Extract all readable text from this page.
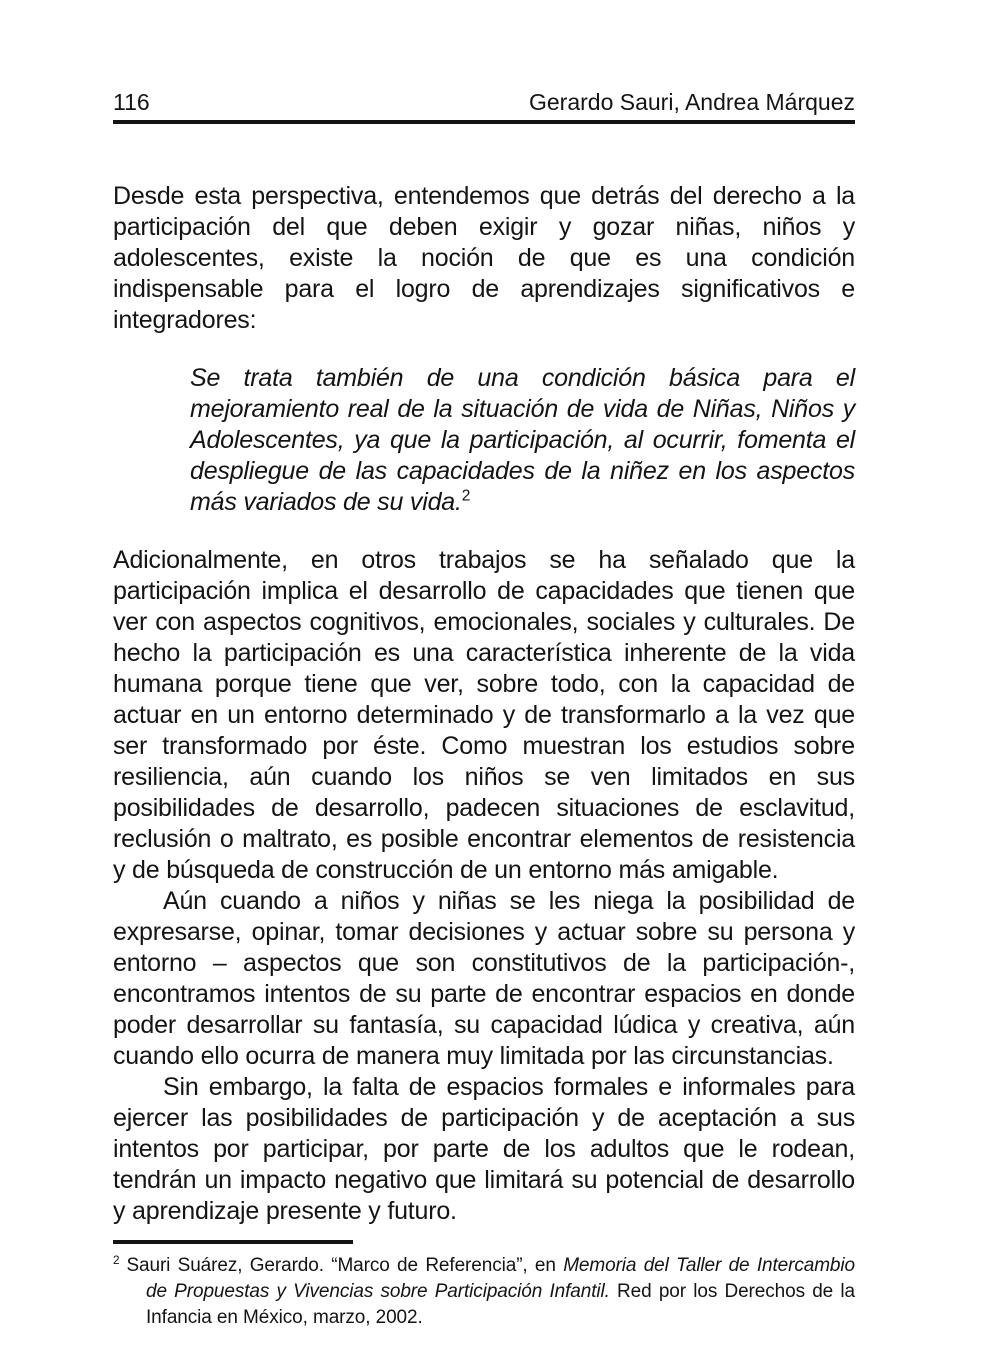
116	Gerardo Sauri, Andrea Márquez

Desde esta perspectiva, entendemos que detrás del derecho a la participación del que deben exigir y gozar niñas, niños y adolescentes, existe la noción de que es una condición indispensable para el logro de aprendizajes significativos e integradores:

Se trata también de una condición básica para el mejoramiento real de la situación de vida de Niñas, Niños y Adolescentes, ya que la participación, al ocurrir, fomenta el despliegue de las capacidades de la niñez en los aspectos más variados de su vida.$^2$

Adicionalmente, en otros trabajos se ha señalado que la participación implica el desarrollo de capacidades que tienen que ver con aspectos cognitivos, emocionales, sociales y culturales. De hecho la participación es una característica inherente de la vida humana porque tiene que ver, sobre todo, con la capacidad de actuar en un entorno determinado y de transformarlo a la vez que ser transformado por éste. Como muestran los estudios sobre resiliencia, aún cuando los niños se ven limitados en sus posibilidades de desarrollo, padecen situaciones de esclavitud, reclusión o maltrato, es posible encontrar elementos de resistencia y de búsqueda de construcción de un entorno más amigable.

Aún cuando a niños y niñas se les niega la posibilidad de expresarse, opinar, tomar decisiones y actuar sobre su persona y entorno – aspectos que son constitutivos de la participación-, encontramos intentos de su parte de encontrar espacios en donde poder desarrollar su fantasía, su capacidad lúdica y creativa, aún cuando ello ocurra de manera muy limitada por las circunstancias.

Sin embargo, la falta de espacios formales e informales para ejercer las posibilidades de participación y de aceptación a sus intentos por participar, por parte de los adultos que le rodean, tendrán un impacto negativo que limitará su potencial de desarrollo y aprendizaje presente y futuro.

$^2$ Sauri Suárez, Gerardo. “Marco de Referencia”, en Memoria del Taller de Intercambio de Propuestas y Vivencias sobre Participación Infantil. Red por los Derechos de la Infancia en México, marzo, 2002.
